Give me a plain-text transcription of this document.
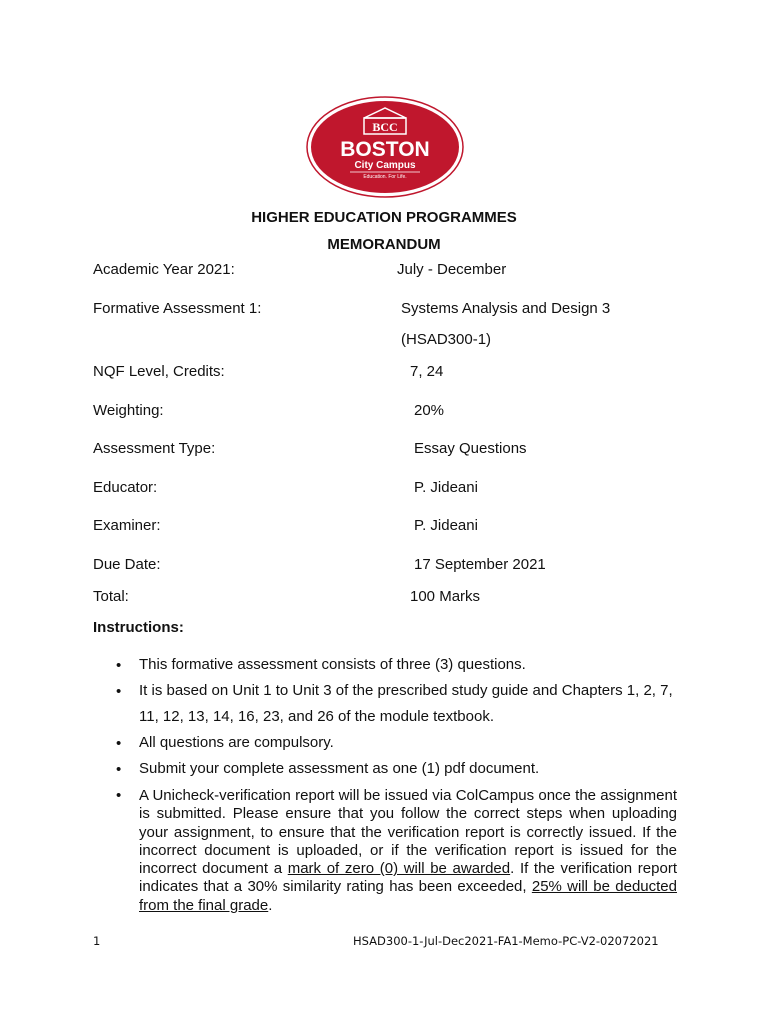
BCC
BOSTON
City Campus
Education. For Life.
HIGHER EDUCATION PROGRAMMES
MEMORANDUM
Academic Year 2021:	July - December
Formative Assessment 1:	Systems Analysis and Design 3
(HSAD300-1)
NQF Level, Credits:	7, 24
Weighting:	20%
Assessment Type:	Essay Questions
Educator:	P. Jideani
Examiner:	P. Jideani
Due Date:	17 September 2021
Total:	100 Marks
Instructions:
• This formative assessment consists of three (3) questions.
• It is based on Unit 1 to Unit 3 of the prescribed study guide and Chapters 1, 2, 7, 11, 12, 13, 14, 16, 23, and 26 of the module textbook.
• All questions are compulsory.
• Submit your complete assessment as one (1) pdf document.
• A Unicheck-verification report will be issued via ColCampus once the assignment is submitted. Please ensure that you follow the correct steps when uploading your assignment, to ensure that the verification report is correctly issued. If the incorrect document is uploaded, or if the verification report is issued for the incorrect document a mark of zero (0) will be awarded. If the verification report indicates that a 30% similarity rating has been exceeded, 25% will be deducted from the final grade.
1	HSAD300-1-Jul-Dec2021-FA1-Memo-PC-V2-02072021
